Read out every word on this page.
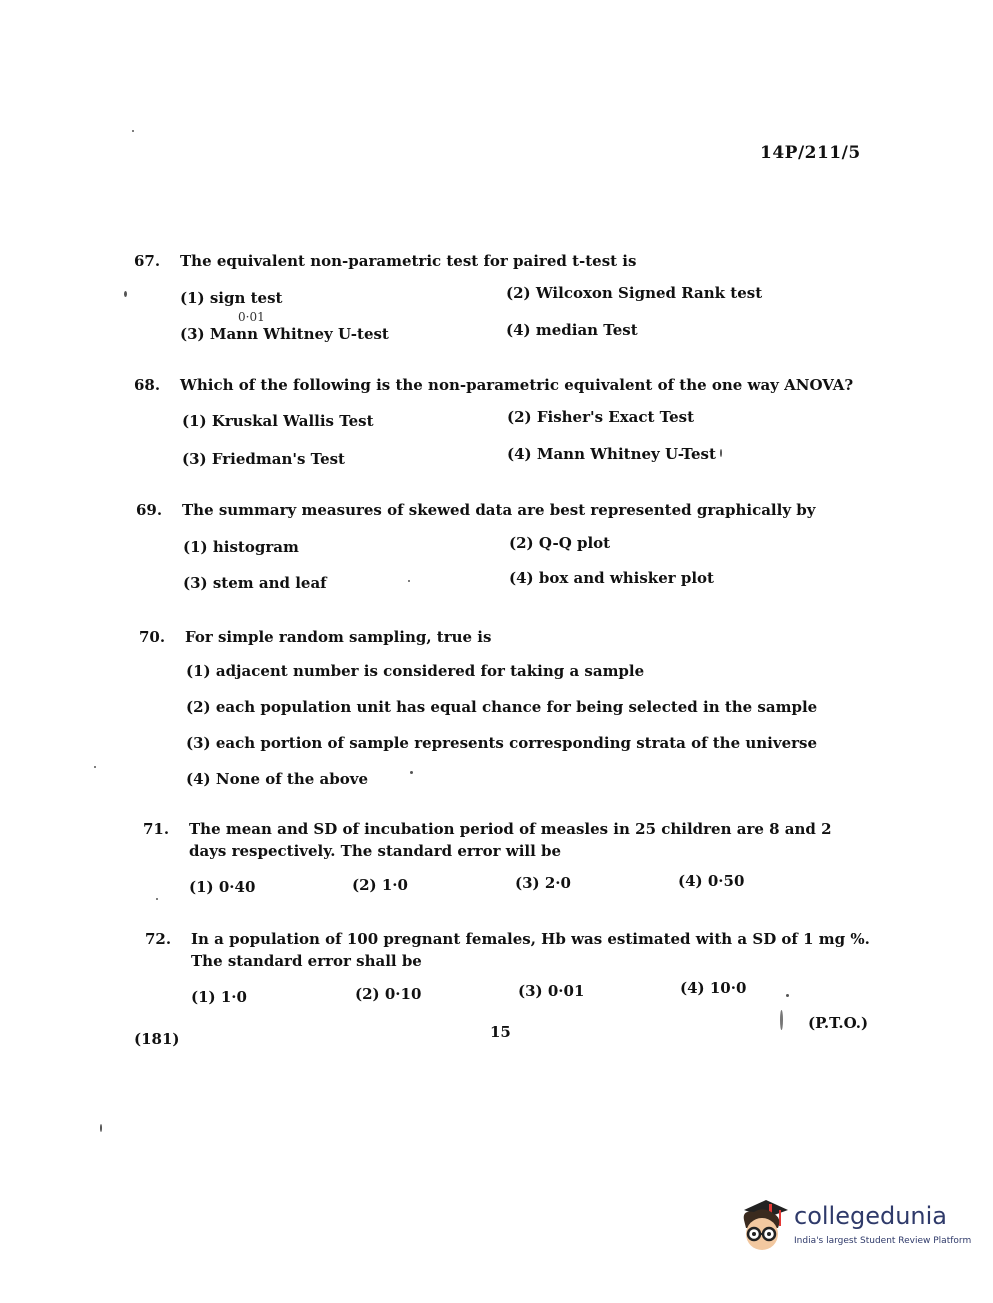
14P/211/5
67. The equivalent non-parametric test for paired t-test is
(1) sign test	(2) Wilcoxon Signed Rank test
0·01
(3) Mann Whitney U-test	(4) median Test
68. Which of the following is the non-parametric equivalent of the one way ANOVA?
(1) Kruskal Wallis Test	(2) Fisher's Exact Test
(3) Friedman's Test	(4) Mann Whitney U-Test
69. The summary measures of skewed data are best represented graphically by
(1) histogram	(2) Q-Q plot
(3) stem and leaf	(4) box and whisker plot
70. For simple random sampling, true is
(1) adjacent number is considered for taking a sample
(2) each population unit has equal chance for being selected in the sample
(3) each portion of sample represents corresponding strata of the universe
(4) None of the above
71. The mean and SD of incubation period of measles in 25 children are 8 and 2 days respectively. The standard error will be
(1) 0·40	(2) 1·0	(3) 2·0	(4) 0·50
72. In a population of 100 pregnant females, Hb was estimated with a SD of 1 mg %. The standard error shall be
(1) 1·0	(2) 0·10	(3) 0·01	(4) 10·0
(181)	15	(P.T.O.)
collegedunia
India's largest Student Review Platform
